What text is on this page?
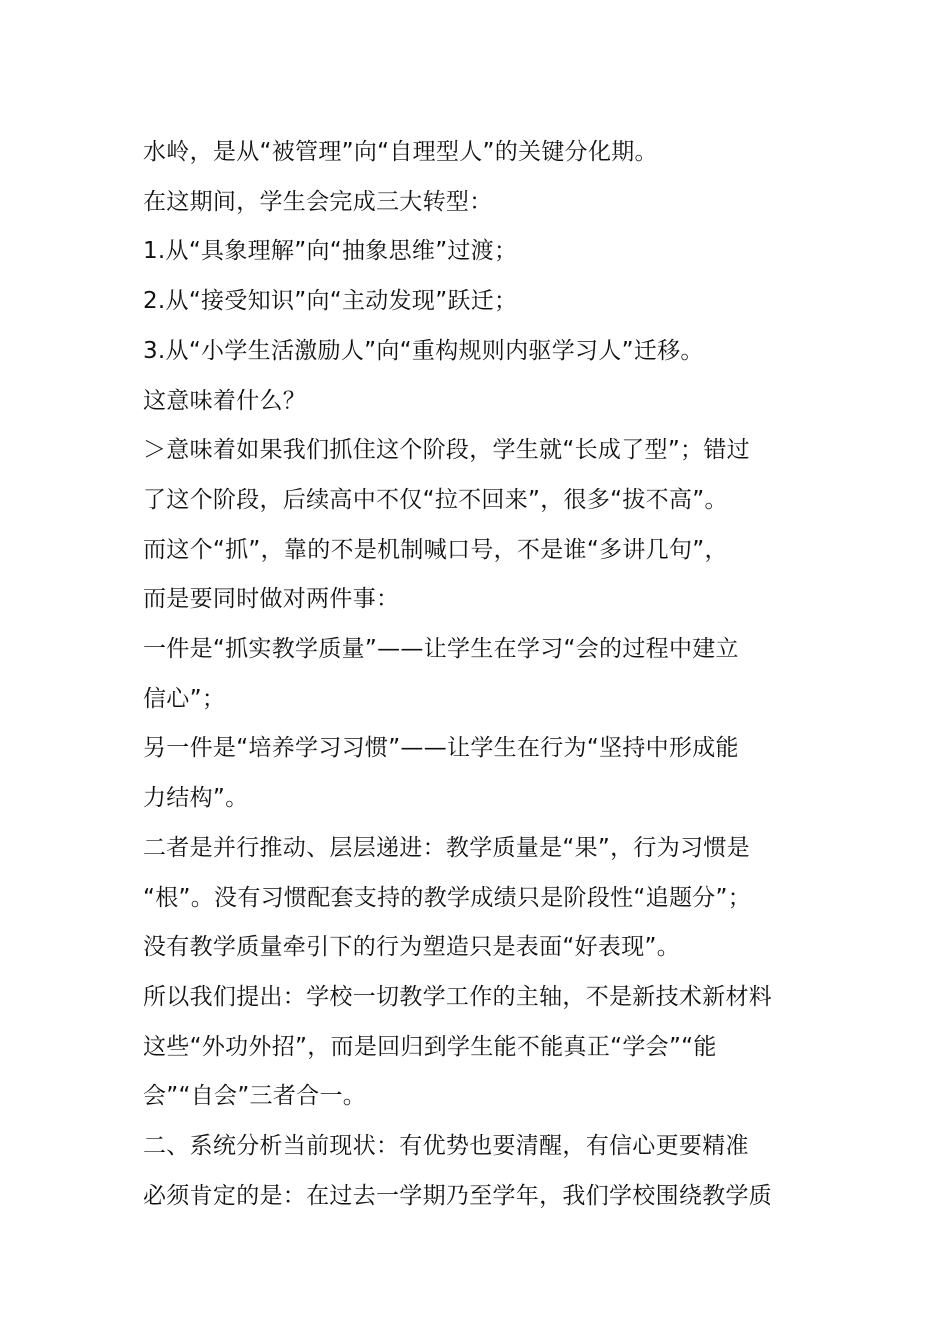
水岭，是从“被管理”向“自理型人”的关键分化期。

在这期间，学生会完成三大转型：

1.从“具象理解”向“抽象思维”过渡；

2.从“接受知识”向“主动发现”跃迁；

3.从“小学生活激励人”向“重构规则内驱学习人”迁移。

这意味着什么？

＞意味着如果我们抓住这个阶段，学生就“长成了型”；错过

了这个阶段，后续高中不仅“拉不回来”，很多“拔不高”。

而这个“抓”，靠的不是机制喊口号，不是谁“多讲几句”，

而是要同时做对两件事：

一件是“抓实教学质量”——让学生在学习“会的过程中建立

信心”；

另一件是“培养学习习惯”——让学生在行为“坚持中形成能

力结构”。

二者是并行推动、层层递进：教学质量是“果”，行为习惯是

“根”。没有习惯配套支持的教学成绩只是阶段性“追题分”；

没有教学质量牵引下的行为塑造只是表面“好表现”。

所以我们提出：学校一切教学工作的主轴，不是新技术新材料

这些“外功外招”，而是回归到学生能不能真正“学会”“能

会”“自会”三者合一。

二、系统分析当前现状：有优势也要清醒，有信心更要精准

必须肯定的是：在过去一学期乃至学年，我们学校围绕教学质
